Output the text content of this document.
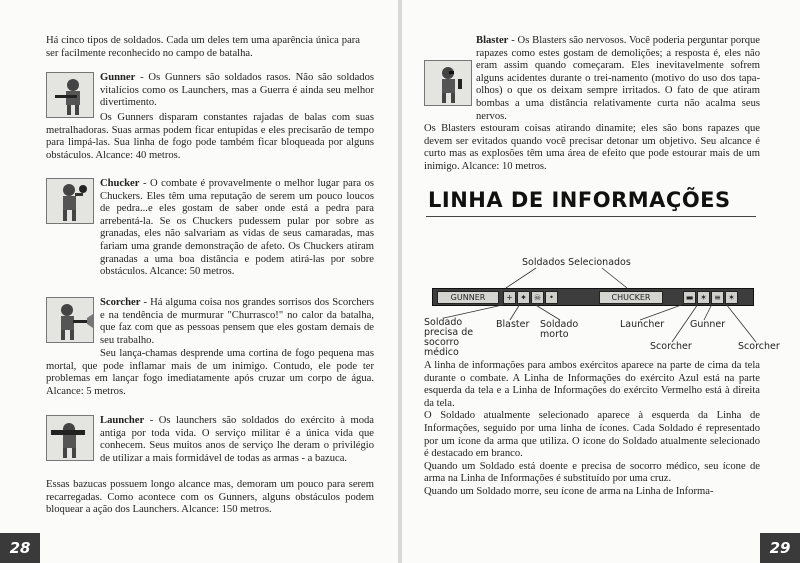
Há cinco tipos de soldados. Cada um deles tem uma aparência única para ser facilmente reconhecido no campo de batalha.

Gunner - Os Gunners são soldados rasos. Não são soldados vitalícios como os Launchers, mas a Guerra é ainda seu melhor divertimento.

Os Gunners disparam constantes rajadas de balas com suas metralhadoras. Suas armas podem ficar entupidas e eles precisarão de tempo para limpá-las. Sua linha de fogo pode também ficar bloqueada por alguns obstáculos. Alcance: 40 metros.

Chucker - O combate é provavelmente o melhor lugar para os Chuckers. Eles têm uma reputação de serem um pouco loucos de pedra...e eles gostam de saber onde está a pedra para arrebentá-la. Se os Chuckers pudessem pular por sobre as granadas, eles não salvariam as vidas de seus camaradas, mas fariam uma grande demonstração de afeto. Os Chuckers atiram granadas a uma boa distância e podem atirá-las por sobre obstáculos. Alcance: 50 metros.

Scorcher - Há alguma coisa nos grandes sorrisos dos Scorchers e na tendência de murmurar "Churrasco!" no calor da batalha, que faz com que as pessoas pensem que eles gostam demais de seu trabalho.

Seu lança-chamas desprende uma cortina de fogo pequena mas mortal, que pode inflamar mais de um inimigo. Contudo, ele pode ter problemas em lançar fogo imediatamente após cruzar um corpo de água. Alcance: 5 metros.

Launcher - Os launchers são soldados do exército à moda antiga por toda vida. O serviço militar é a única vida que conhecem. Seus muitos anos de serviço lhe deram o privilégio de utilizar a mais formidável de todas as armas - a bazuca.

Essas bazucas possuem longo alcance mas, demoram um pouco para serem recarregadas. Como acontece com os Gunners, alguns obstáculos podem bloquear a ação dos Launchers. Alcance: 150 metros.

28

Blaster - Os Blasters são nervosos. Você poderia perguntar porque rapazes como estes gostam de demolições; a resposta é, eles não eram assim quando começaram. Eles inevitavelmente sofrem alguns acidentes durante o trei-namento (motivo do uso dos tapa-olhos) o que os deixam sempre irritados. O fato de que atiram bombas a uma distância relativamente curta não acalma seus nervos.

Os Blasters estouram coisas atirando dinamite; eles são bons rapazes que devem ser evitados quando você precisar detonar um objetivo. Seu alcance é curto mas as explosões têm uma área de efeito que pode estourar mais de um inimigo. Alcance: 10 metros.

LINHA DE INFORMAÇÕES
Soldados Selecionados
GUNNER	+ ✦ ☠	•	CHUCKER	▬ ✶ ≡ ✶
Soldado precisa de socorro médico
Blaster Soldado morto
Launcher	Gunner
Scorcher	Scorcher

A linha de informações para ambos exércitos aparece na parte de cima da tela durante o combate. A Linha de Informações do exército Azul está na parte esquerda da tela e a Linha de Informações do exército Vermelho está à direita da tela.

O Soldado atualmente selecionado aparece à esquerda da Linha de Informações, seguido por uma linha de ícones. Cada Soldado é representado por um ícone da arma que utiliza. O ícone do Soldado atualmente selecionado é destacado em branco.

Quando um Soldado está doente e precisa de socorro médico, seu ícone de arma na Linha de Informações é substituído por uma cruz.

Quando um Soldado morre, seu ícone de arma na Linha de Informa-

29
